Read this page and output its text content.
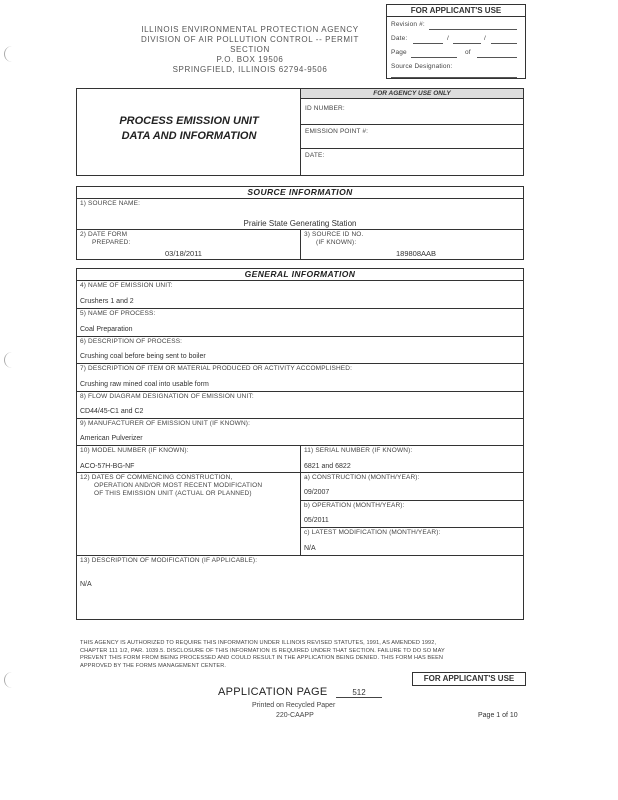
ILLINOIS ENVIRONMENTAL PROTECTION AGENCY
DIVISION OF AIR POLLUTION CONTROL -- PERMIT SECTION
P.O. BOX 19506
SPRINGFIELD, ILLINOIS 62794-9506
FOR APPLICANT'S USE
Revision #:
Date:	/	/
Page	of
Source Designation:
PROCESS EMISSION UNIT
DATA AND INFORMATION
FOR AGENCY USE ONLY
ID NUMBER:
EMISSION POINT #:
DATE:
SOURCE INFORMATION
1) SOURCE NAME:
Prairie State Generating Station
2) DATE FORM
PREPARED:
03/18/2011
3) SOURCE ID NO.
(IF KNOWN):
189808AAB
GENERAL INFORMATION
4) NAME OF EMISSION UNIT:
Crushers 1 and 2
5) NAME OF PROCESS:
Coal Preparation
6) DESCRIPTION OF PROCESS:
Crushing coal before being sent to boiler
7) DESCRIPTION OF ITEM OR MATERIAL PRODUCED OR ACTIVITY ACCOMPLISHED:
Crushing raw mined coal into usable form
8) FLOW DIAGRAM DESIGNATION OF EMISSION UNIT:
CD44/45-C1 and C2
9) MANUFACTURER OF EMISSION UNIT (IF KNOWN):
American Pulverizer
10) MODEL NUMBER (IF KNOWN):
ACO-57H-BG-NF
11) SERIAL NUMBER (IF KNOWN):
6821 and 6822
12) DATES OF COMMENCING CONSTRUCTION,
OPERATION AND/OR MOST RECENT MODIFICATION
OF THIS EMISSION UNIT (ACTUAL OR PLANNED)
a) CONSTRUCTION (MONTH/YEAR):
09/2007
b) OPERATION (MONTH/YEAR):
05/2011
c) LATEST MODIFICATION (MONTH/YEAR):
N/A
13) DESCRIPTION OF MODIFICATION (IF APPLICABLE):
N/A
THIS AGENCY IS AUTHORIZED TO REQUIRE THIS INFORMATION UNDER ILLINOIS REVISED STATUTES, 1991, AS AMENDED 1992,
CHAPTER 111 1/2, PAR. 1039.5. DISCLOSURE OF THIS INFORMATION IS REQUIRED UNDER THAT SECTION. FAILURE TO DO SO MAY
PREVENT THIS FORM FROM BEING PROCESSED AND COULD RESULT IN THE APPLICATION BEING DENIED. THIS FORM HAS BEEN
APPROVED BY THE FORMS MANAGEMENT CENTER.
FOR APPLICANT'S USE
APPLICATION PAGE	512
Printed on Recycled Paper
220-CAAPP	Page 1 of 10
